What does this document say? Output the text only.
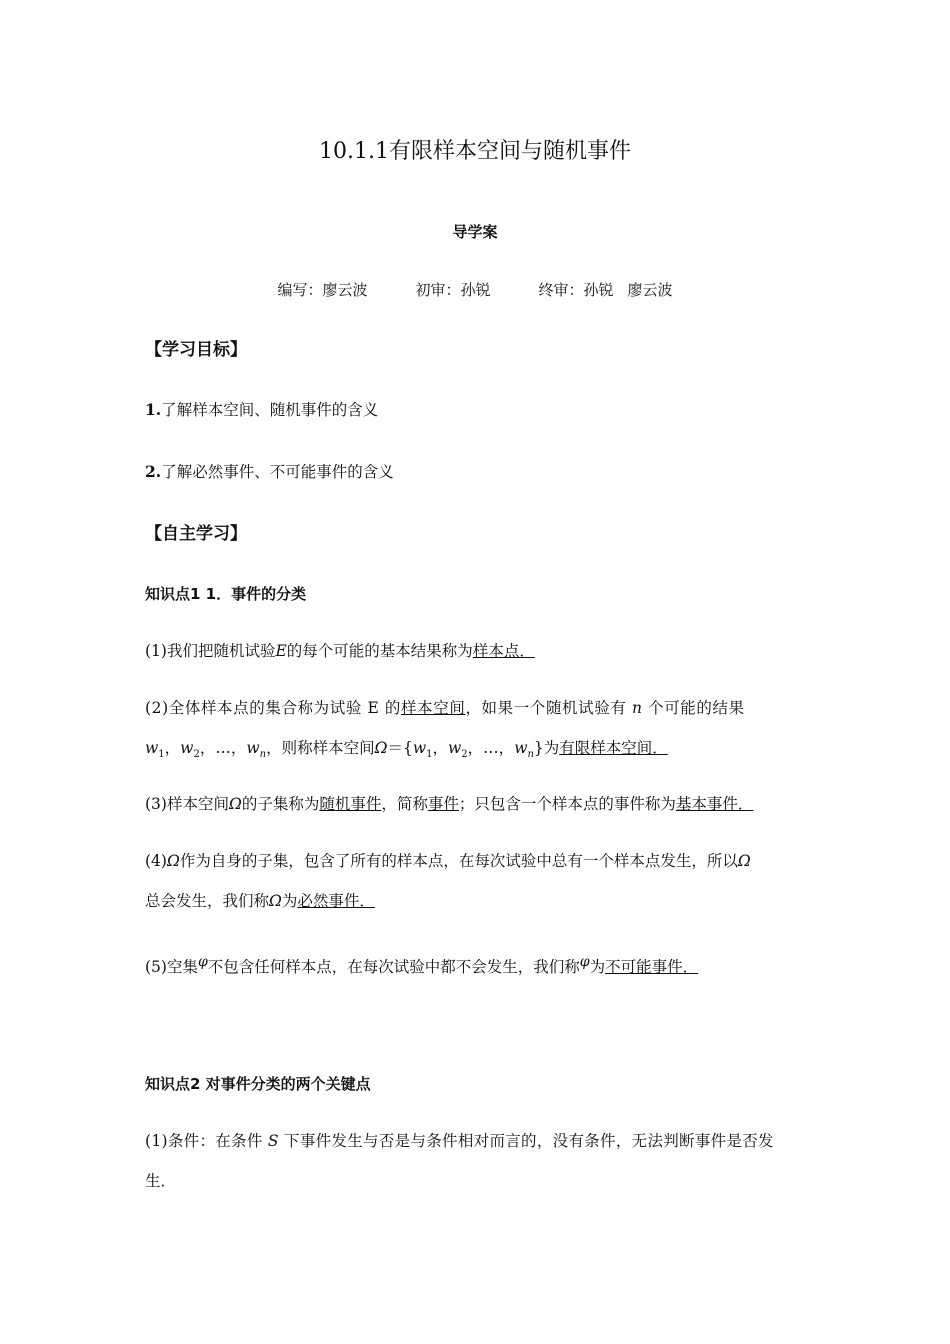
10.1.1有限样本空间与随机事件
导学案
编写：廖云波	初审：孙锐	终审：孙锐 廖云波
【学习目标】
1.了解样本空间、随机事件的含义
2.了解必然事件、不可能事件的含义
【自主学习】
知识点1 1．事件的分类
(1)我们把随机试验E的每个可能的基本结果称为样本点．
(2)全体样本点的集合称为试验 E 的样本空间，如果一个随机试验有 n 个可能的结果
$w_1$，$w_2$，…，$w_n$，则称样本空间$\Omega=\{w_1$，$w_2$，…，$w_n$}为有限样本空间．
(3)样本空间Ω的子集称为随机事件，简称事件；只包含一个样本点的事件称为基本事件．
(4)Ω作为自身的子集，包含了所有的样本点，在每次试验中总有一个样本点发生，所以Ω
总会发生，我们称Ω为必然事件．
(5)空集φ不包含任何样本点，在每次试验中都不会发生，我们称φ为不可能事件．
知识点2 对事件分类的两个关键点
(1)条件：在条件 S 下事件发生与否是与条件相对而言的，没有条件，无法判断事件是否发
生．
